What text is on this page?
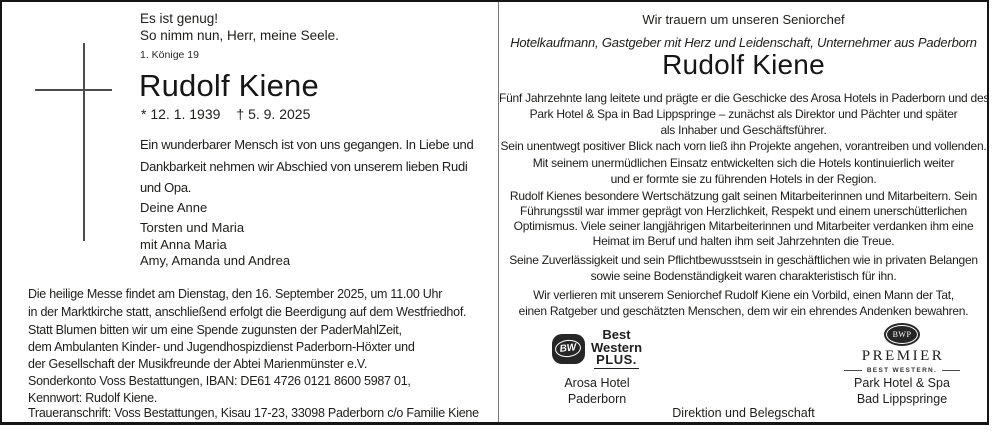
Es ist genug!
So nimm nun, Herr, meine Seele.
1. Könige 19
Rudolf Kiene
* 12. 1. 1939 † 5. 9. 2025
Ein wunderbarer Mensch ist von uns gegangen. In Liebe und
Dankbarkeit nehmen wir Abschied von unserem lieben Rudi
und Opa.
Deine Anne
Torsten und Maria
mit Anna Maria
Amy, Amanda und Andrea
Die heilige Messe findet am Dienstag, den 16. September 2025, um 11.00 Uhr
in der Marktkirche statt, anschließend erfolgt die Beerdigung auf dem Westfriedhof.
Statt Blumen bitten wir um eine Spende zugunsten der PaderMahlZeit,
dem Ambulanten Kinder- und Jugendhospizdienst Paderborn-Höxter und
der Gesellschaft der Musikfreunde der Abtei Marienmünster e.V.
Sonderkonto Voss Bestattungen, IBAN: DE61 4726 0121 8600 5987 01,
Kennwort: Rudolf Kiene.
Traueranschrift: Voss Bestattungen, Kisau 17-23, 33098 Paderborn c/o Familie Kiene
Wir trauern um unseren Seniorchef
Hotelkaufmann, Gastgeber mit Herz und Leidenschaft, Unternehmer aus Paderborn
Rudolf Kiene
Fünf Jahrzehnte lang leitete und prägte er die Geschicke des Arosa Hotels in Paderborn und des
Park Hotel & Spa in Bad Lippspringe – zunächst als Direktor und Pächter und später
als Inhaber und Geschäftsführer.
Sein unentwegt positiver Blick nach vorn ließ ihn Projekte angehen, vorantreiben und vollenden.
Mit seinem unermüdlichen Einsatz entwickelten sich die Hotels kontinuierlich weiter
und er formte sie zu führenden Hotels in der Region.
Rudolf Kienes besondere Wertschätzung galt seinen Mitarbeiterinnen und Mitarbeitern. Sein
Führungsstil war immer geprägt von Herzlichkeit, Respekt und einem unerschütterlichen
Optimismus. Viele seiner langjährigen Mitarbeiterinnen und Mitarbeiter verdanken ihm eine
Heimat im Beruf und halten ihm seit Jahrzehnten die Treue.
Seine Zuverlässigkeit und sein Pflichtbewusstsein in geschäftlichen wie in privaten Belangen
sowie seine Bodenständigkeit waren charakteristisch für ihn.
Wir verlieren mit unserem Seniorchef Rudolf Kiene ein Vorbild, einen Mann der Tat,
einen Ratgeber und geschätzten Menschen, dem wir ein ehrendes Andenken bewahren.
BW
Best
Western
PLUS.
Arosa Hotel
Paderborn
BWP
PREMIER
BEST WESTERN.
Park Hotel & Spa
Bad Lippspringe
Direktion und Belegschaft
